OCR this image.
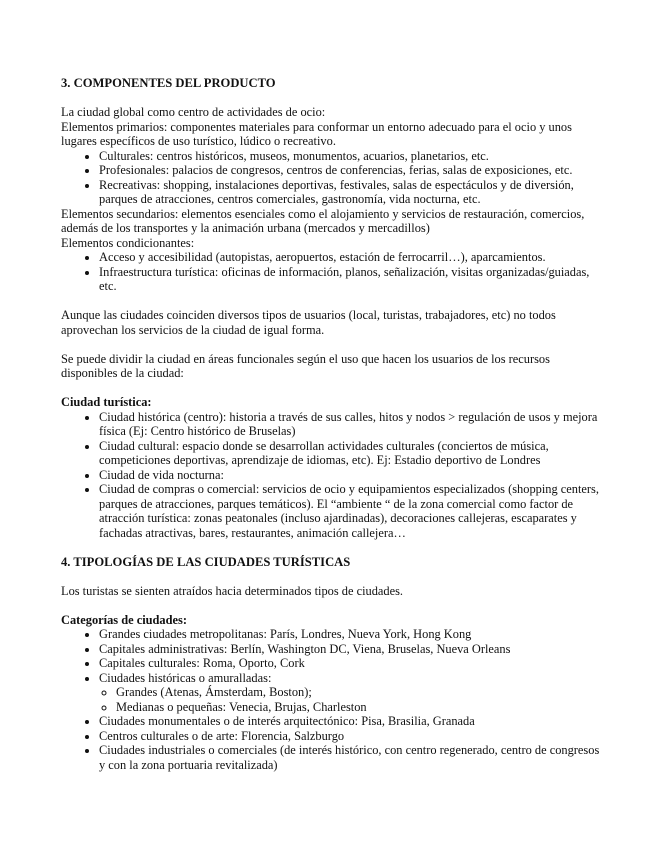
3. COMPONENTES DEL PRODUCTO

La ciudad global como centro de actividades de ocio:

Elementos primarios: componentes materiales para conformar un entorno adecuado para el ocio y unos lugares específicos de uso turístico, lúdico o recreativo.

• Culturales: centros históricos, museos, monumentos, acuarios, planetarios, etc.
• Profesionales: palacios de congresos, centros de conferencias, ferias, salas de exposiciones, etc.
• Recreativas: shopping, instalaciones deportivas, festivales, salas de espectáculos y de diversión, parques de atracciones, centros comerciales, gastronomía, vida nocturna, etc.

Elementos secundarios: elementos esenciales como el alojamiento y servicios de restauración, comercios, además de los transportes y la animación urbana (mercados y mercadillos)

Elementos condicionantes:

• Acceso y accesibilidad (autopistas, aeropuertos, estación de ferrocarril…), aparcamientos.
• Infraestructura turística: oficinas de información, planos, señalización, visitas organizadas/guiadas, etc.

Aunque las ciudades coinciden diversos tipos de usuarios (local, turistas, trabajadores, etc) no todos aprovechan los servicios de la ciudad de igual forma.

Se puede dividir la ciudad en áreas funcionales según el uso que hacen los usuarios de los recursos disponibles de la ciudad:

Ciudad turística:

• Ciudad histórica (centro): historia a través de sus calles, hitos y nodos > regulación de usos y mejora física (Ej: Centro histórico de Bruselas)
• Ciudad cultural: espacio donde se desarrollan actividades culturales (conciertos de música, competiciones deportivas, aprendizaje de idiomas, etc). Ej: Estadio deportivo de Londres
• Ciudad de vida nocturna:
• Ciudad de compras o comercial: servicios de ocio y equipamientos especializados (shopping centers, parques de atracciones, parques temáticos). El “ambiente “ de la zona comercial como factor de atracción turística: zonas peatonales (incluso ajardinadas), decoraciones callejeras, escaparates y fachadas atractivas, bares, restaurantes, animación callejera…
4. TIPOLOGÍAS DE LAS CIUDADES TURÍSTICAS

Los turistas se sienten atraídos hacia determinados tipos de ciudades.

Categorías de ciudades:

• Grandes ciudades metropolitanas: París, Londres, Nueva York, Hong Kong
• Capitales administrativas: Berlín, Washington DC, Viena, Bruselas, Nueva Orleans
• Capitales culturales: Roma, Oporto, Cork
• Ciudades históricas o amuralladas:
◦ Grandes (Atenas, Ámsterdam, Boston);
◦ Medianas o pequeñas: Venecia, Brujas, Charleston
• Ciudades monumentales o de interés arquitectónico: Pisa, Brasilia, Granada
• Centros culturales o de arte: Florencia, Salzburgo
• Ciudades industriales o comerciales (de interés histórico, con centro regenerado, centro de congresos y con la zona portuaria revitalizada)
